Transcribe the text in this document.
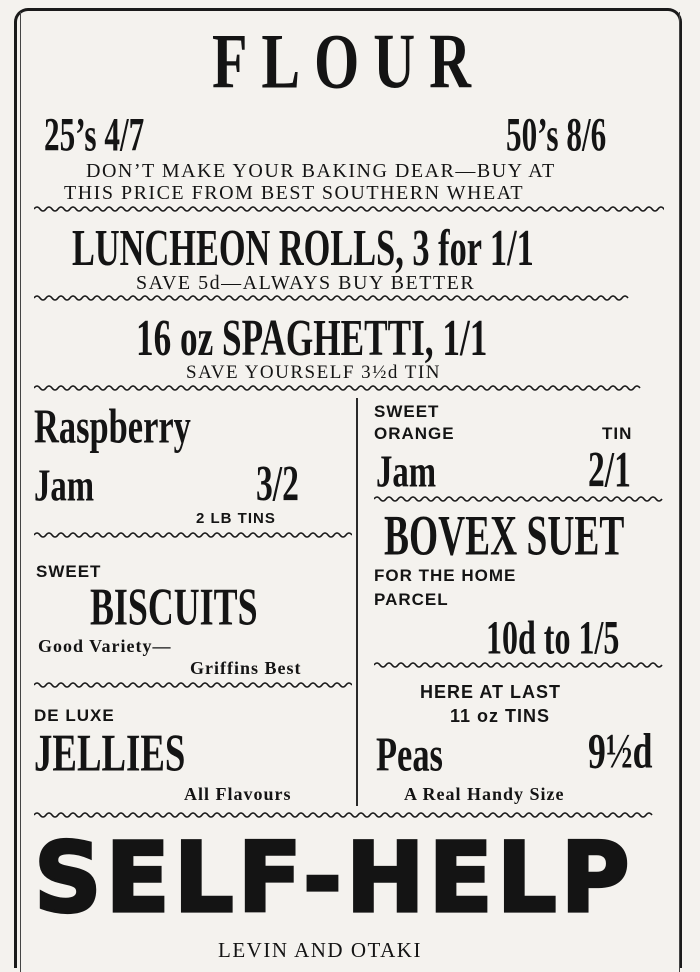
FLOUR
25’s 4/7	50’s 8/6
DON’T MAKE YOUR BAKING DEAR—BUY AT
THIS PRICE FROM BEST SOUTHERN WHEAT
LUNCHEON ROLLS, 3 for 1/1
SAVE 5d—ALWAYS BUY BETTER
16 oz SPAGHETTI, 1/1
SAVE YOURSELF 3½d TIN
Raspberry
Jam	3/2
2 LB TINS
SWEET
BISCUITS
Good Variety—
Griffins Best
DE LUXE
JELLIES
All Flavours
SWEET
ORANGE	TIN
Jam	2/1
BOVEX SUET
FOR THE HOME
PARCEL
10d to 1/5
HERE AT LAST
11 oz TINS
Peas	9½d
A Real Handy Size
SELF-HELP
LEVIN AND OTAKI
